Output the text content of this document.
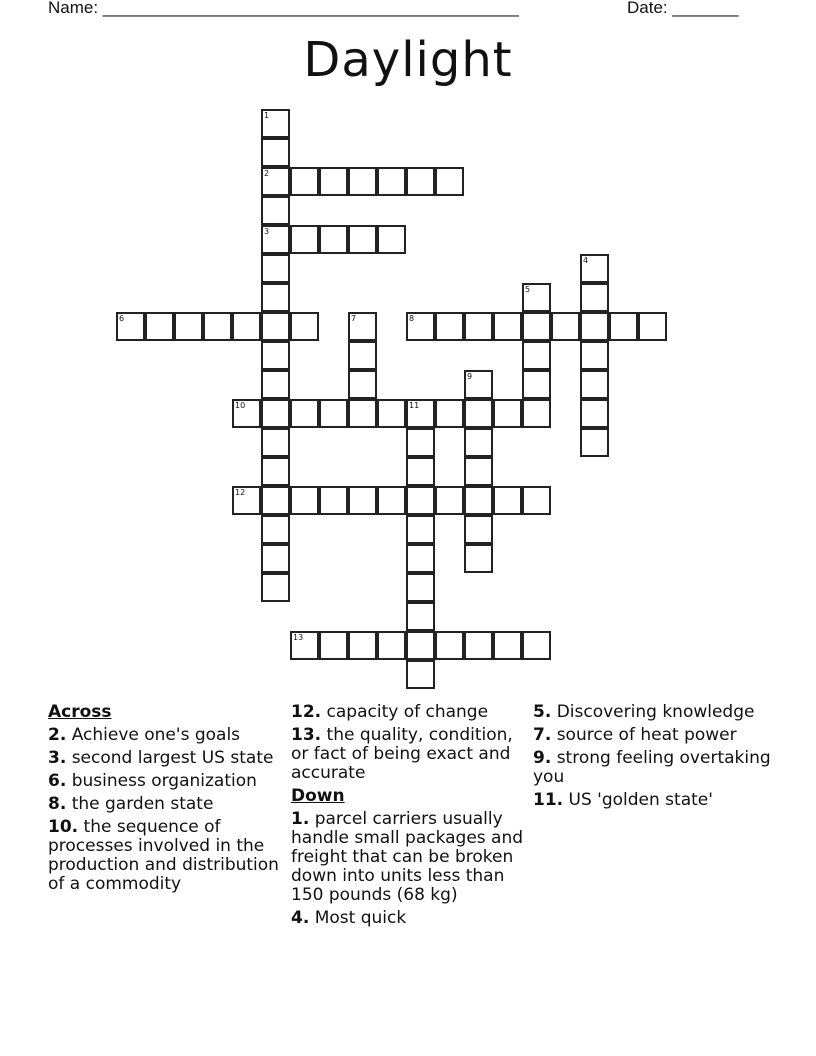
Name: ____________________________________________	Date: _______
Daylight
1
2
3
4
5
6	7	8
9
10	11
12
13
Across
2. Achieve one's goals
3. second largest US state
6. business organization
8. the garden state
10. the sequence of processes involved in the production and distribution of a commodity
12. capacity of change
13. the quality, condition, or fact of being exact and accurate
Down
1. parcel carriers usually handle small packages and freight that can be broken down into units less than 150 pounds (68 kg)
4. Most quick
5. Discovering knowledge
7. source of heat power
9. strong feeling overtaking you
11. US 'golden state'
